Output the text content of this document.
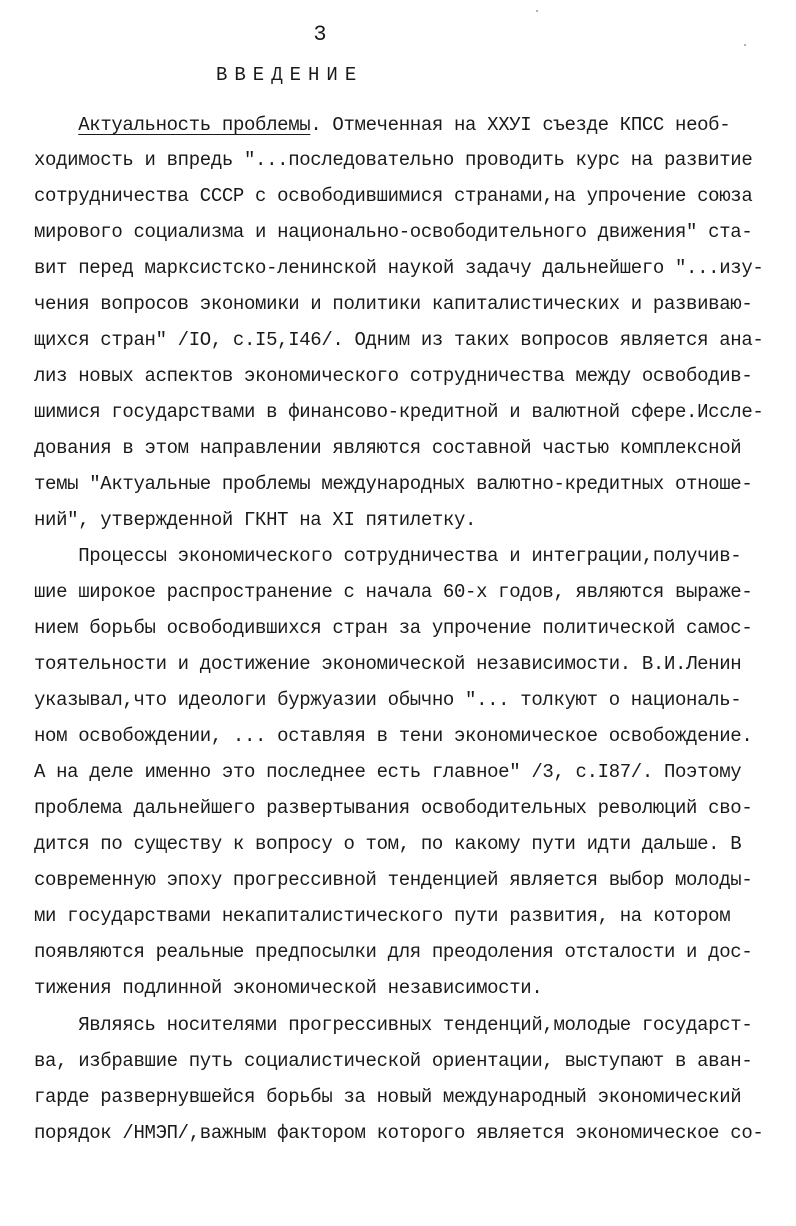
3
ВВЕДЕНИЕ

Актуальность проблемы. Отмеченная на ХХУI съезде КПСС необ-

ходимость и впредь "...последовательно проводить курс на развитие

сотрудничества СССР с освободившимися странами,на упрочение союза

мирового социализма и национально-освободительного движения" ста-

вит перед марксистско-ленинской наукой задачу дальнейшего "...изу-

чения вопросов экономики и политики капиталистических и развиваю-

щихся стран" /IO, с.I5,I46/. Одним из таких вопросов является ана-

лиз новых аспектов экономического сотрудничества между освободив-

шимися государствами в финансово-кредитной и валютной сфере.Иссле-

дования в этом направлении являются составной частью комплексной

темы "Актуальные проблемы международных валютно-кредитных отноше-

ний", утвержденной ГКНТ на XI пятилетку.

Процессы экономического сотрудничества и интеграции,получив-

шие широкое распространение с начала 60-х годов, являются выраже-

нием борьбы освободившихся стран за упрочение политической самос-

тоятельности и достижение экономической независимости. В.И.Ленин

указывал,что идеологи буржуазии обычно "... толкуют о националь-

ном освобождении, ... оставляя в тени экономическое освобождение.

А на деле именно это последнее есть главное" /3, с.I87/. Поэтому

проблема дальнейшего развертывания освободительных революций сво-

дится по существу к вопросу о том, по какому пути идти дальше. В

современную эпоху прогрессивной тенденцией является выбор молоды-

ми государствами некапиталистического пути развития, на котором

появляются реальные предпосылки для преодоления отсталости и дос-

тижения подлинной экономической независимости.

Являясь носителями прогрессивных тенденций,молодые государст-

ва, избравшие путь социалистической ориентации, выступают в аван-

гарде развернувшейся борьбы за новый международный экономический

порядок /НМЭП/,важным фактором которого является экономическое со-
